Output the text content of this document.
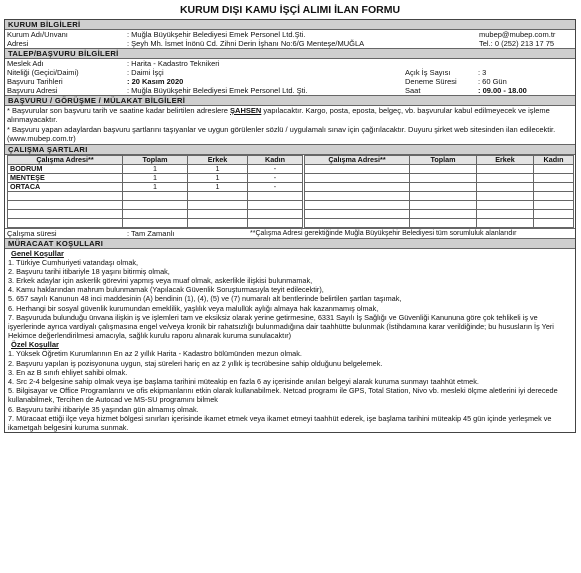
KURUM DIŞI KAMU İŞÇİ ALIMI İLAN FORMU
KURUM BİLGİLERİ
Kurum Adı/Unvanı	: Muğla Büyükşehir Belediyesi Emek Personel Ltd.Şti.	mubep@mubep.com.tr
Adresi	: Şeyh Mh. İsmet İnönü Cd. Zihni Derin İşhanı No:6/G Menteşe/MUĞLA	Tel.: 0 (252) 213 17 75
TALEP/BAŞVURU BİLGİLERİ
Meslek Adı	: Harita - Kadastro Teknikeri
Niteliği (Geçici/Daimi)	: Daimi İşçi	Açık İş Sayısı	: 3
Başvuru Tarihleri	: 20 Kasım 2020	Deneme Süresi	: 60 Gün
Başvuru Adresi	: Muğla Büyükşehir Belediyesi Emek Personel Ltd. Şti.	Saat	: 09.00 - 18.00
BAŞVURU / GÖRÜŞME / MÜLAKAT BİLGİLERİ
* Başvurular son başvuru tarih ve saatine kadar belirtilen adreslere ŞAHSEN yapılacaktır. Kargo, posta, eposta, belgeç, vb. başvurular kabul edilmeyecek ve işleme alınmayacaktır.
* Başvuru yapan adaylardan başvuru şartlarını taşıyanlar ve uygun görülenler sözlü / uygulamalı sınav için çağırılacaktır. Duyuru şirket web sitesinden ilan edilecektir. (www.mubep.com.tr)
ÇALIŞMA ŞARTLARI
Çalışma Adresi**	Toplam	Erkek	Kadın
BODRUM	1	1	-
MENTEŞE	1	1	-
ORTACA	1	1	-

Çalışma Adresi**	Toplam	Erkek	Kadın

Çalışma süresi	: Tam Zamanlı	**Çalışma Adresi gerektiğinde Muğla Büyükşehir Belediyesi tüm sorumluluk alanlarıdır
MÜRACAAT KOŞULLARI
Genel Koşullar
1. Türkiye Cumhuriyeti vatandaşı olmak,
2. Başvuru tarihi itibariyle 18 yaşını bitirmiş olmak,
3. Erkek adaylar için askerlik görevini yapmış veya muaf olmak, askerlikle ilişkisi bulunmamak,
4. Kamu haklarından mahrum bulunmamak (Yapılacak Güvenlik Soruşturmasıyla teyit edilecektir),
5. 657 sayılı Kanunun 48 inci maddesinin (A) bendinin (1), (4), (5) ve (7) numaralı alt bentlerinde belirtilen şartları taşımak,
6. Herhangi bir sosyal güvenlik kurumundan emeklilik, yaşlılık veya malullük aylığı almaya hak kazanmamış olmak,
7. Başvuruda bulunduğu ünvana ilişkin iş ve işlemleri tam ve eksiksiz olarak yerine getirmesine, 6331 Sayılı İş Sağlığı ve Güvenliği Kanununa göre çok tehlikeli iş ve işyerlerinde ayrıca vardiyalı çalışmasına engel ve/veya kronik bir rahatsızlığı bulunmadığına dair taahhütte bulunmak (İstihdamına karar verildiğinde; bu hususların İş Yeri Hekimce değerlendirilmesi amacıyla, sağlık kurulu raporu alınarak kuruma sunulacaktır)
Özel Koşullar
1. Yüksek Öğretim Kurumlarının En az 2 yıllık Harita - Kadastro bölümünden mezun olmak.
2. Başvuru yapılan iş pozisyonuna uygun, staj süreleri hariç en az 2 yıllık iş tecrübesine sahip olduğunu belgelemek.
3. En az B sınıfı ehliyet sahibi olmak.
4. Src 2-4 belgesine sahip olmak veya işe başlama tarihini müteakip en fazla 6 ay içerisinde anılan belgeyi alarak kuruma sunmayı taahhüt etmek.
5. Bilgisayar ve Office Programlarını ve ofis ekipmanlarını etkin olarak kullanabilmek. Netcad programı ile GPS, Total Station, Nivo vb. mesleki ölçme aletlerini iyi derecede kullanabilmek, Tercihen de Autocad ve MS-SU programını bilmek
6. Başvuru tarihi itibariyle 35 yaşından gün almamış olmak.
7. Müracaat ettiği ilçe veya hizmet bölgesi sınırları içerisinde ikamet etmek veya ikamet etmeyi taahhüt ederek, işe başlama tarihini müteakip 45 gün içinde yerleşmek ve ikametgah belgesini kuruma sunmak.
